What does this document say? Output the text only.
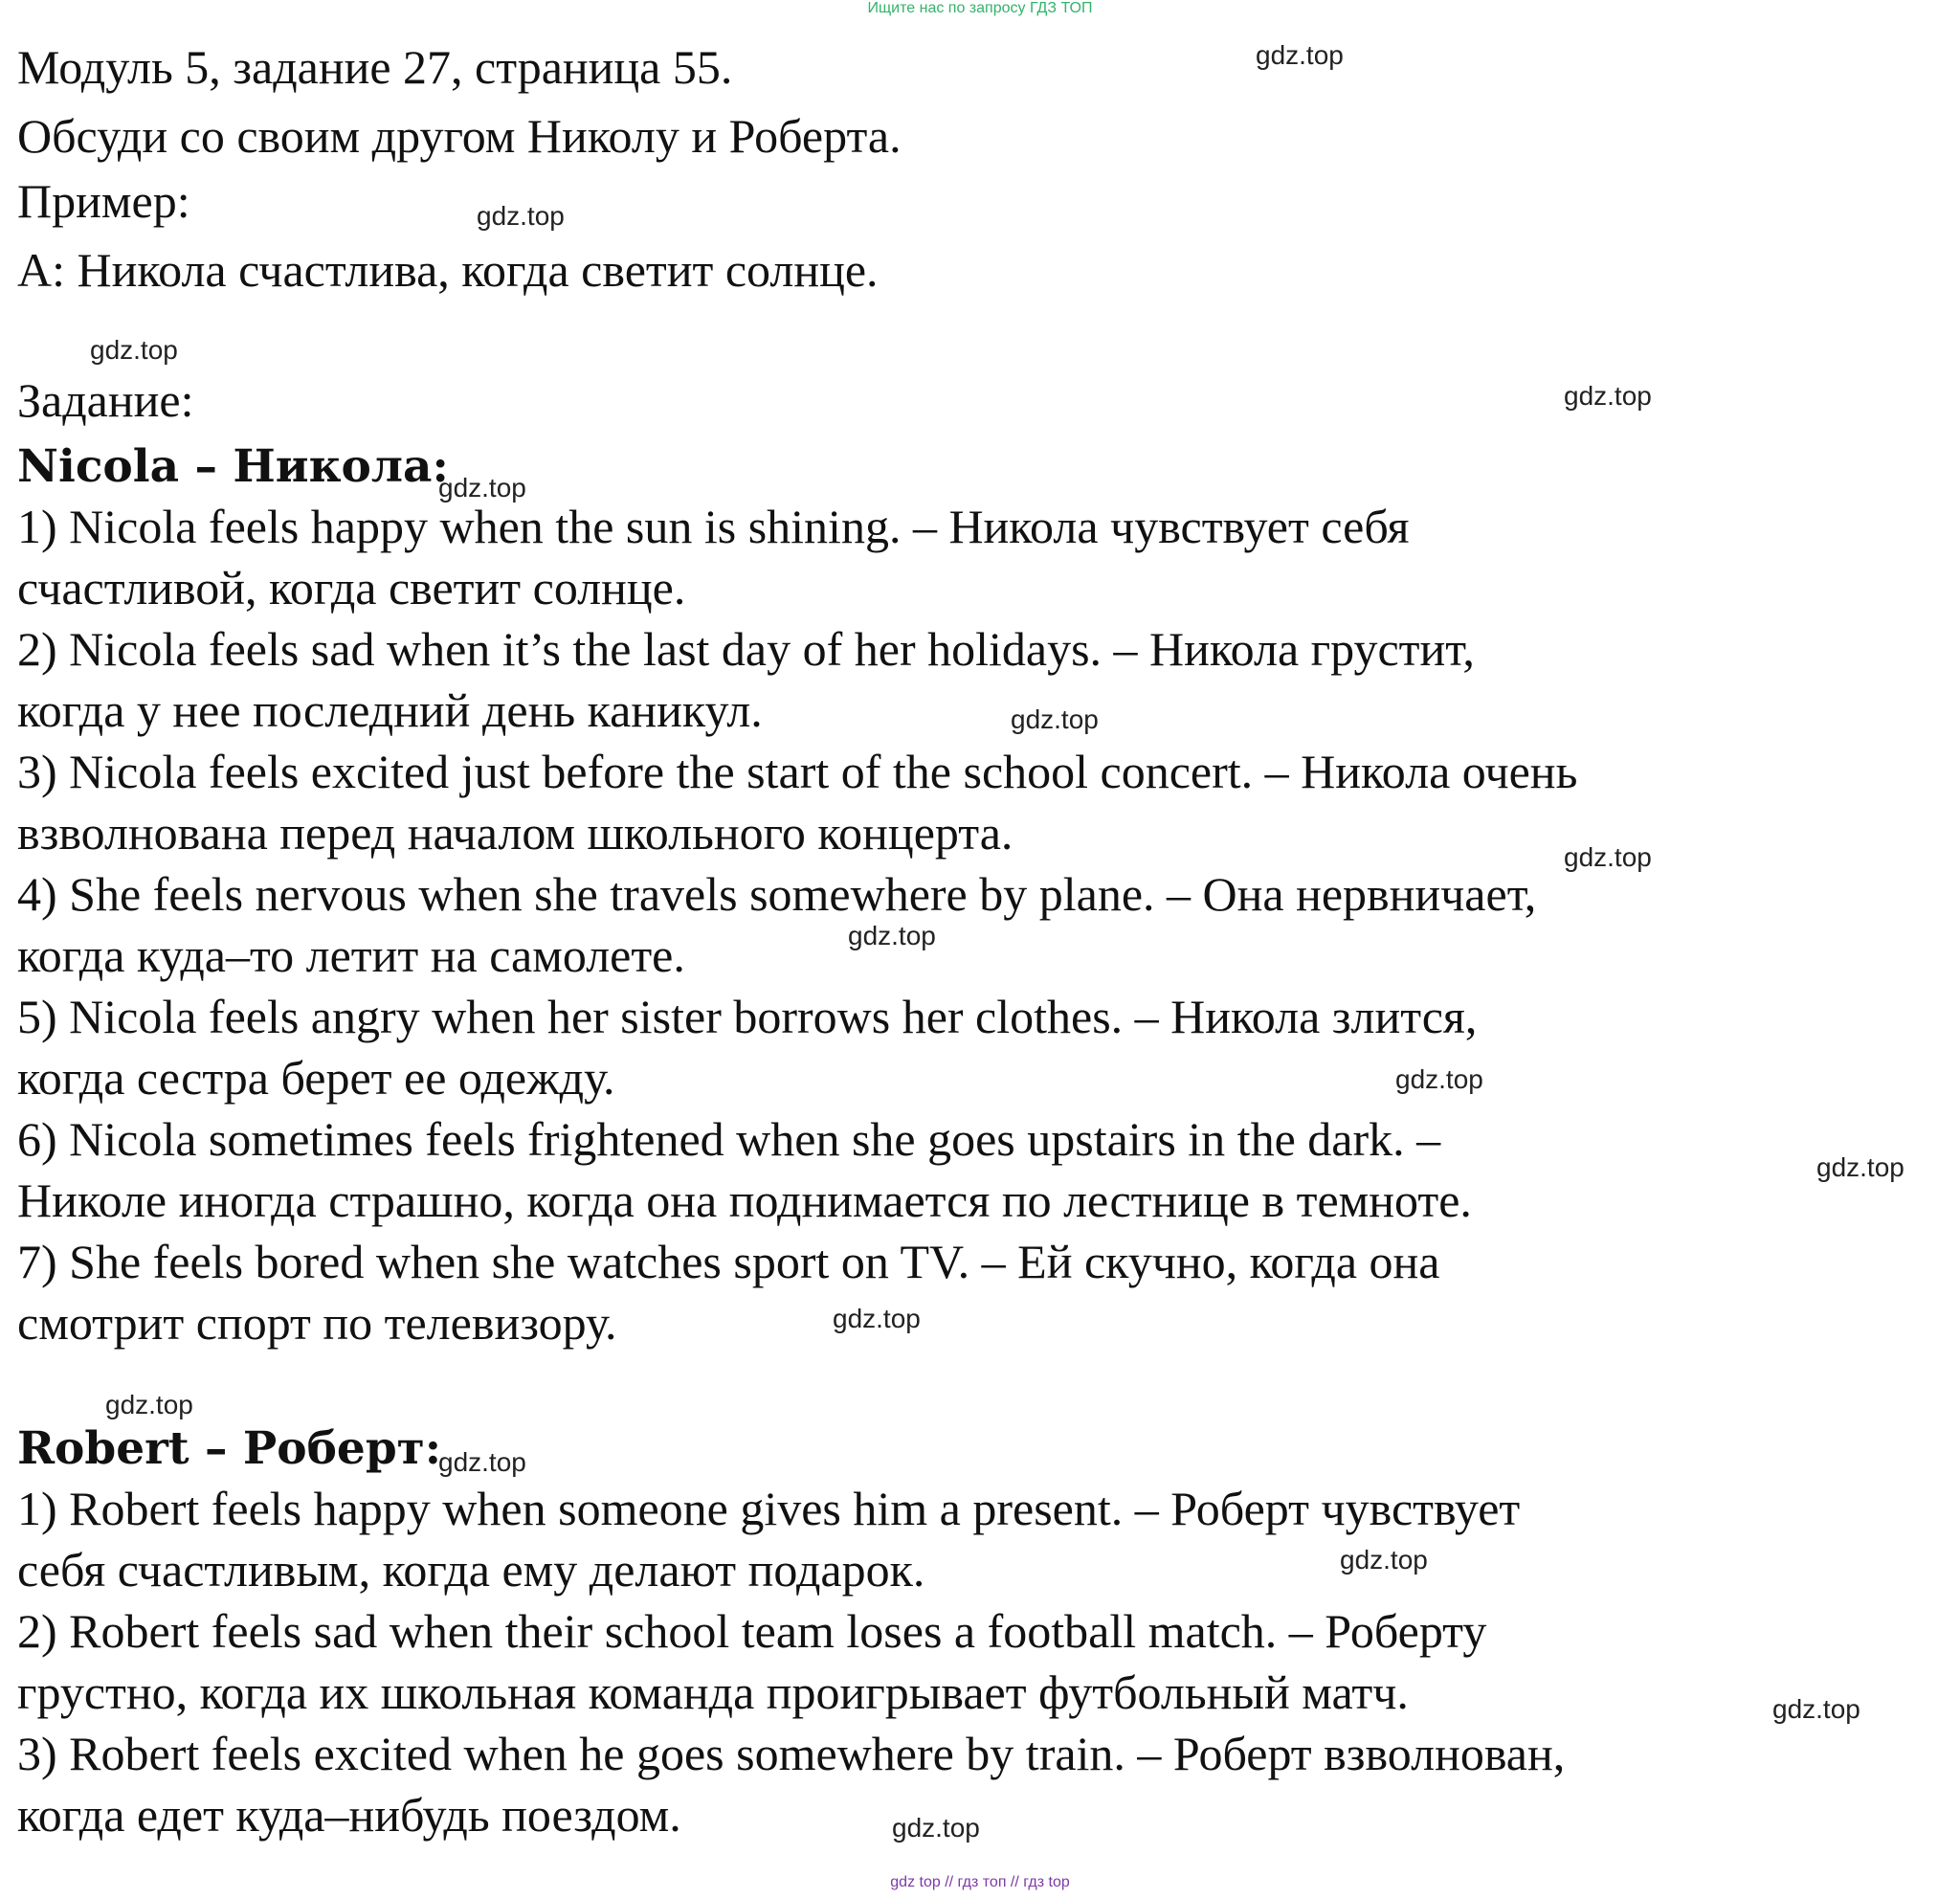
Ищите нас по запросу ГДЗ ТОП
Модуль 5, задание 27, страница 55.
Обсуди со своим другом Николу и Роберта.
Пример:
A: Никола счастлива, когда светит солнце.
Задание:
Nicola – Никола:
1) Nicola feels happy when the sun is shining. – Никола чувствует себя
счастливой, когда светит солнце.
2) Nicola feels sad when it’s the last day of her holidays. – Никола грустит,
когда у нее последний день каникул.
3) Nicola feels excited just before the start of the school concert. – Никола очень
взволнована перед началом школьного концерта.
4) She feels nervous when she travels somewhere by plane. – Она нервничает,
когда куда–то летит на самолете.
5) Nicola feels angry when her sister borrows her clothes. – Никола злится,
когда сестра берет ее одежду.
6) Nicola sometimes feels frightened when she goes upstairs in the dark. –
Николе иногда страшно, когда она поднимается по лестнице в темноте.
7) She feels bored when she watches sport on TV. – Ей скучно, когда она
смотрит спорт по телевизору.
Robert – Роберт:
1) Robert feels happy when someone gives him a present. – Роберт чувствует
себя счастливым, когда ему делают подарок.
2) Robert feels sad when their school team loses a football match. – Роберту
грустно, когда их школьная команда проигрывает футбольный матч.
3) Robert feels excited when he goes somewhere by train. – Роберт взволнован,
когда едет куда–нибудь поездом.
gdz.top
gdz.top
gdz.top
gdz.top
gdz.top
gdz.top
gdz.top
gdz.top
gdz.top
gdz.top
gdz.top
gdz.top
gdz.top
gdz.top
gdz.top
gdz.top
gdz top // гдз топ // гдз top
